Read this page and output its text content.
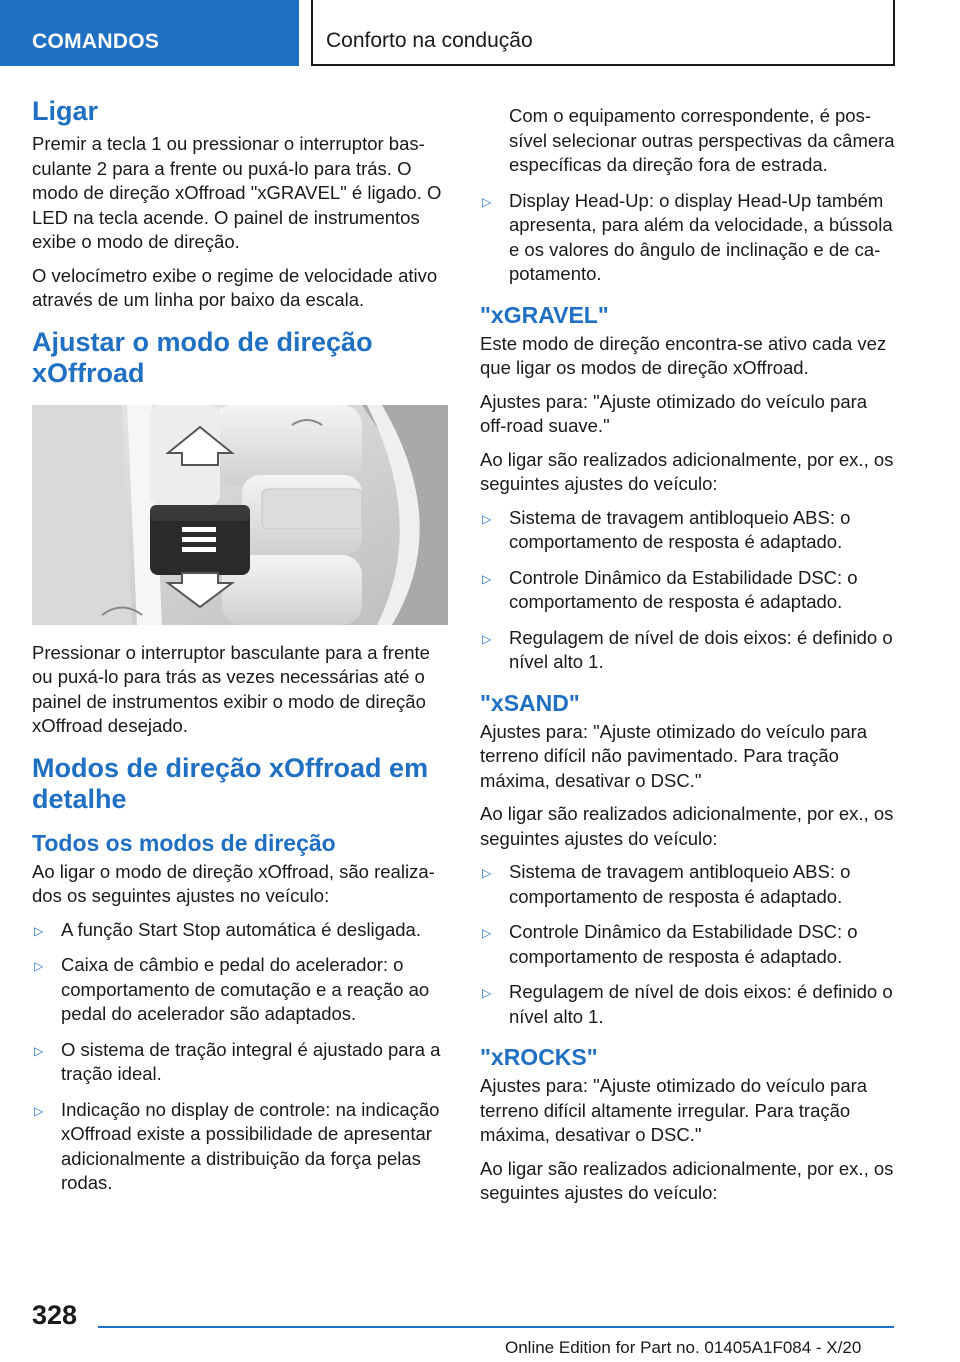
COMANDOS	Conforto na condução
Ligar

Premir a tecla 1 ou pressionar o interruptor basculante 2 para a frente ou puxá-lo para trás. O modo de direção xOffroad "xGRAVEL" é ligado. O LED na tecla acende. O painel de instrumentos exibe o modo de direção.

O velocímetro exibe o regime de velocidade ativo através de um linha por baixo da escala.

Ajustar o modo de direção xOffroad

Pressionar o interruptor basculante para a frente ou puxá-lo para trás as vezes necessárias até o painel de instrumentos exibir o modo de direção xOffroad desejado.

Modos de direção xOffroad em detalhe
Todos os modos de direção

Ao ligar o modo de direção xOffroad, são realizados os seguintes ajustes no veículo:

▷ A função Start Stop automática é desligada.
▷ Caixa de câmbio e pedal do acelerador: o comportamento de comutação e a reação ao pedal do acelerador são adaptados.
▷ O sistema de tração integral é ajustado para a tração ideal.
▷ Indicação no display de controle: na indicação xOffroad existe a possibilidade de apresentar adicionalmente a distribuição da força pelas rodas.
Com o equipamento correspondente, é possível selecionar outras perspectivas da câmera específicas da direção fora de estrada.
▷ Display Head-Up: o display Head-Up também apresenta, para além da velocidade, a bússola e os valores do ângulo de inclinação e de capotamento.
"xGRAVEL"

Este modo de direção encontra-se ativo cada vez que ligar os modos de direção xOffroad.

Ajustes para: "Ajuste otimizado do veículo para off-road suave."

Ao ligar são realizados adicionalmente, por ex., os seguintes ajustes do veículo:

▷ Sistema de travagem antibloqueio ABS: o comportamento de resposta é adaptado.
▷ Controle Dinâmico da Estabilidade DSC: o comportamento de resposta é adaptado.
▷ Regulagem de nível de dois eixos: é definido o nível alto 1.
"xSAND"

Ajustes para: "Ajuste otimizado do veículo para terreno difícil não pavimentado. Para tração máxima, desativar o DSC."

Ao ligar são realizados adicionalmente, por ex., os seguintes ajustes do veículo:

▷ Sistema de travagem antibloqueio ABS: o comportamento de resposta é adaptado.
▷ Controle Dinâmico da Estabilidade DSC: o comportamento de resposta é adaptado.
▷ Regulagem de nível de dois eixos: é definido o nível alto 1.
"xROCKS"

Ajustes para: "Ajuste otimizado do veículo para terreno difícil altamente irregular. Para tração máxima, desativar o DSC."

Ao ligar são realizados adicionalmente, por ex., os seguintes ajustes do veículo:

328
Online Edition for Part no. 01405A1F084 - X/20
